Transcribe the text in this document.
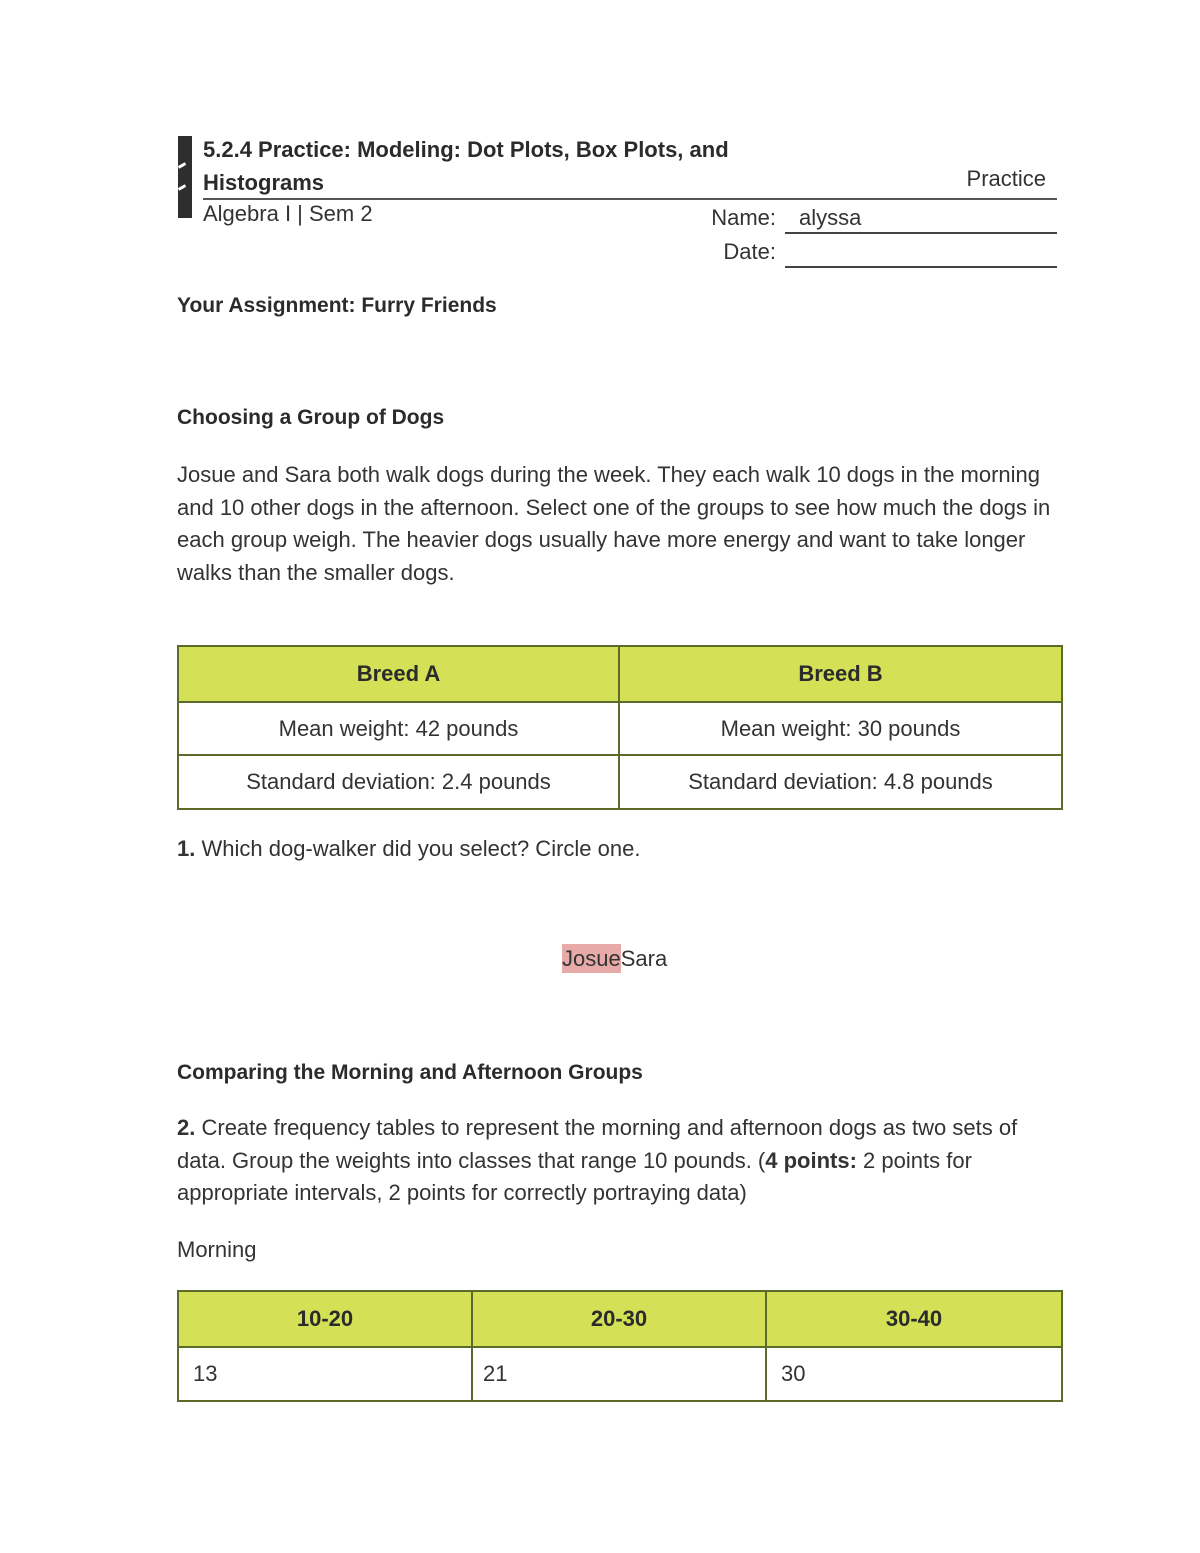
5.2.4 Practice: Modeling: Dot Plots, Box Plots, and
Histograms	Practice
Algebra I | Sem 2	Name: alyssa
Date:
Your Assignment: Furry Friends
Choosing a Group of Dogs
Josue and Sara both walk dogs during the week. They each walk 10 dogs in the morning and 10 other dogs in the afternoon. Select one of the groups to see how much the dogs in each group weigh. The heavier dogs usually have more energy and want to take longer walks than the smaller dogs.
Breed A	Breed B
Mean weight: 42 pounds	Mean weight: 30 pounds
Standard deviation: 2.4 pounds	Standard deviation: 4.8 pounds
1. Which dog-walker did you select? Circle one.
JosueSara
Comparing the Morning and Afternoon Groups
2. Create frequency tables to represent the morning and afternoon dogs as two sets of data. Group the weights into classes that range 10 pounds. (4 points: 2 points for appropriate intervals, 2 points for correctly portraying data)
Morning
10-20	20-30	30-40
13	21	30
